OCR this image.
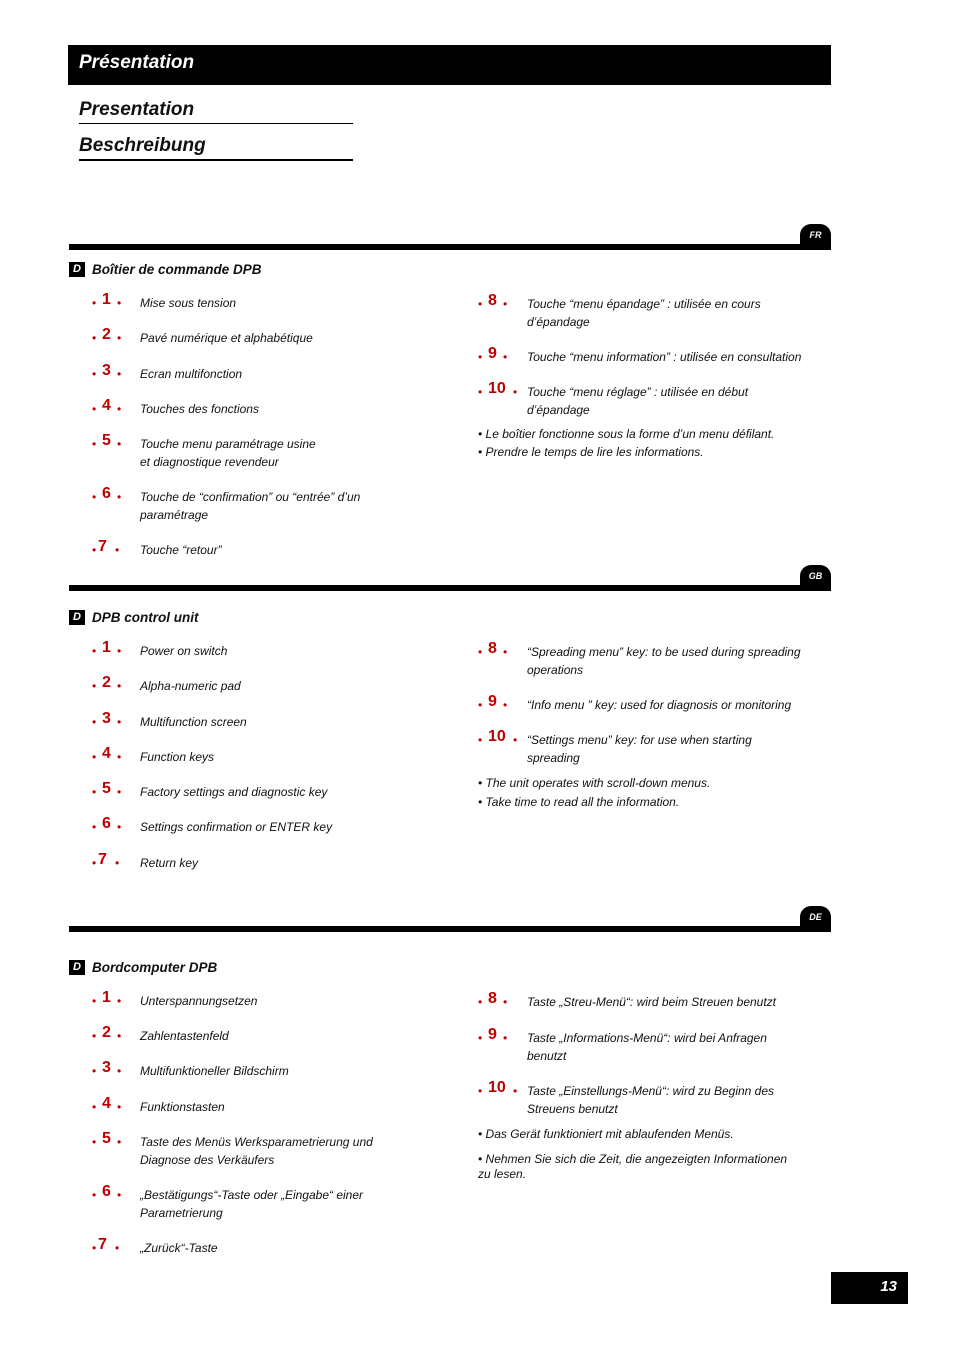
Présentation
Presentation
Beschreibung
FR
D Boîtier de commande DPB
• 1 • Mise sous tension
• 2 • Pavé numérique et alphabétique
• 3 • Ecran multifonction
• 4 • Touches des fonctions
• 5 • Touche menu paramétrage usine
et diagnostique revendeur
• 6 • Touche de “confirmation” ou “entrée” d’un
paramétrage
• 7 • Touche “retour”
• 8 • Touche “menu épandage” : utilisée en cours
d’épandage
• 9 • Touche “menu information” : utilisée en consultation
• 10 • Touche “menu réglage” : utilisée en début
d’épandage
• Le boîtier fonctionne sous la forme d’un menu défilant.
• Prendre le temps de lire les informations.
GB
D DPB control unit
• 1 • Power on switch
• 2 • Alpha-numeric pad
• 3 • Multifunction screen
• 4 • Function keys
• 5 • Factory settings and diagnostic key
• 6 • Settings confirmation or ENTER key
• 7 • Return key
• 8 • “Spreading menu” key: to be used during spreading
operations
• 9 • “Info menu ” key: used for diagnosis or monitoring
• 10 • “Settings menu” key: for use when starting
spreading
• The unit operates with scroll-down menus.
• Take time to read all the information.
DE
D Bordcomputer DPB
• 1 • Unterspannungsetzen
• 2 • Zahlentastenfeld
• 3 • Multifunktioneller Bildschirm
• 4 • Funktionstasten
• 5 • Taste des Menüs Werksparametrierung und
Diagnose des Verkäufers
• 6 • „Bestätigungs“-Taste oder „Eingabe“ einer
Parametrierung
• 7 • „Zurück“-Taste
• 8 • Taste „Streu-Menü“: wird beim Streuen benutzt
• 9 • Taste „Informations-Menü“: wird bei Anfragen
benutzt
• 10 • Taste „Einstellungs-Menü“: wird zu Beginn des
Streuens benutzt
• Das Gerät funktioniert mit ablaufenden Menüs.
• Nehmen Sie sich die Zeit, die angezeigten Informationen
zu lesen.
13
